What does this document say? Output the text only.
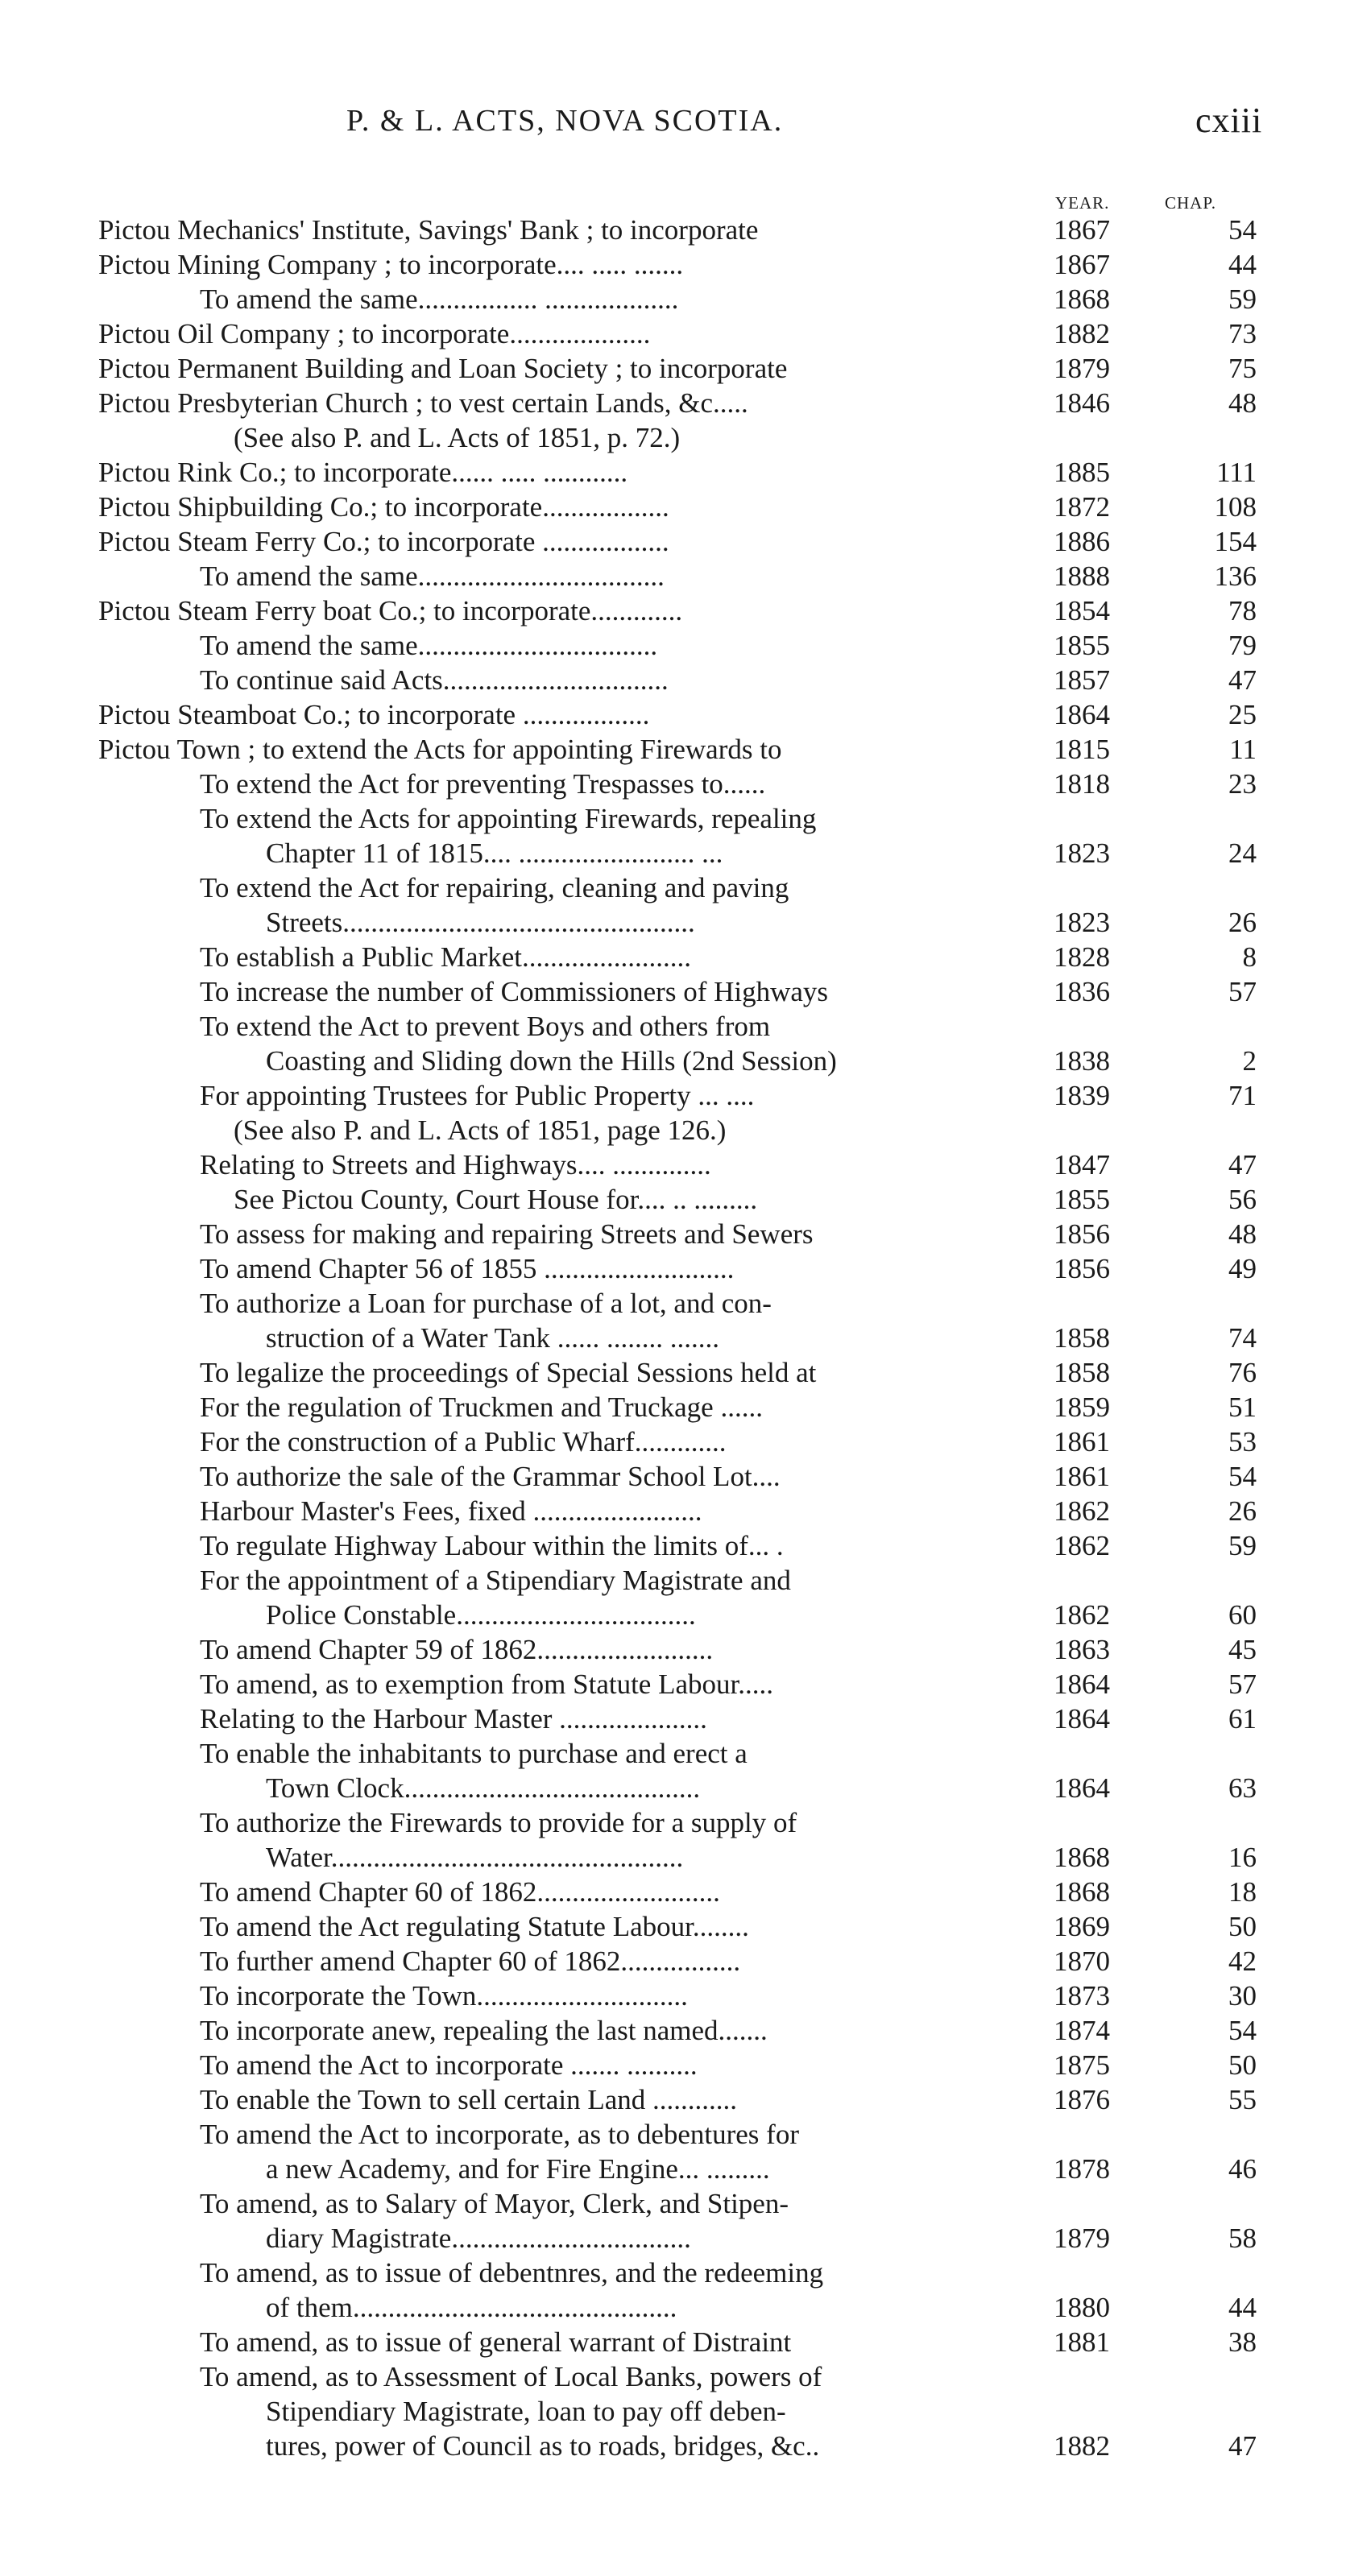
P. & L. ACTS, NOVA SCOTIA.	cxiii
YEAR.	CHAP.
Pictou Mechanics' Institute, Savings' Bank ; to incorporate	1867	54
Pictou Mining Company ; to incorporate.... ..... .......	1867	44
To amend the same................. ...................	1868	59
Pictou Oil Company ; to incorporate....................	1882	73
Pictou Permanent Building and Loan Society ; to incorporate	1879	75
Pictou Presbyterian Church ; to vest certain Lands, &c.....	1846	48
(See also P. and L. Acts of 1851, p. 72.)
Pictou Rink Co.; to incorporate...... ..... ............	1885	111
Pictou Shipbuilding Co.; to incorporate..................	1872	108
Pictou Steam Ferry Co.; to incorporate ..................	1886	154
To amend the same...................................	1888	136
Pictou Steam Ferry boat Co.; to incorporate.............	1854	78
To amend the same..................................	1855	79
To continue said Acts................................	1857	47
Pictou Steamboat Co.; to incorporate ..................	1864	25
Pictou Town ; to extend the Acts for appointing Firewards to	1815	11
To extend the Act for preventing Trespasses to......	1818	23
To extend the Acts for appointing Firewards, repealing
Chapter 11 of 1815.... ......................... ...	1823	24
To extend the Act for repairing, cleaning and paving
Streets..................................................	1823	26
To establish a Public Market........................	1828	8
To increase the number of Commissioners of Highways	1836	57
To extend the Act to prevent Boys and others from
Coasting and Sliding down the Hills (2nd Session)	1838	2
For appointing Trustees for Public Property ... ....	1839	71
(See also P. and L. Acts of 1851, page 126.)
Relating to Streets and Highways.... ..............	1847	47
See Pictou County, Court House for.... .. .........	1855	56
To assess for making and repairing Streets and Sewers	1856	48
To amend Chapter 56 of 1855 ...........................	1856	49
To authorize a Loan for purchase of a lot, and con-
struction of a Water Tank ...... ........ .......	1858	74
To legalize the proceedings of Special Sessions held at	1858	76
For the regulation of Truckmen and Truckage ......	1859	51
For the construction of a Public Wharf.............	1861	53
To authorize the sale of the Grammar School Lot....	1861	54
Harbour Master's Fees, fixed ........................	1862	26
To regulate Highway Labour within the limits of... .	1862	59
For the appointment of a Stipendiary Magistrate and
Police Constable..................................	1862	60
To amend Chapter 59 of 1862.........................	1863	45
To amend, as to exemption from Statute Labour.....	1864	57
Relating to the Harbour Master .....................	1864	61
To enable the inhabitants to purchase and erect a
Town Clock..........................................	1864	63
To authorize the Firewards to provide for a supply of
Water..................................................	1868	16
To amend Chapter 60 of 1862..........................	1868	18
To amend the Act regulating Statute Labour........	1869	50
To further amend Chapter 60 of 1862.................	1870	42
To incorporate the Town..............................	1873	30
To incorporate anew, repealing the last named.......	1874	54
To amend the Act to incorporate ....... ..........	1875	50
To enable the Town to sell certain Land ............	1876	55
To amend the Act to incorporate, as to debentures for
a new Academy, and for Fire Engine... .........	1878	46
To amend, as to Salary of Mayor, Clerk, and Stipen-
diary Magistrate..................................	1879	58
To amend, as to issue of debentnres, and the redeeming
of them..............................................	1880	44
To amend, as to issue of general warrant of Distraint	1881	38
To amend, as to Assessment of Local Banks, powers of
Stipendiary Magistrate, loan to pay off deben-
tures, power of Council as to roads, bridges, &c..	1882	47
